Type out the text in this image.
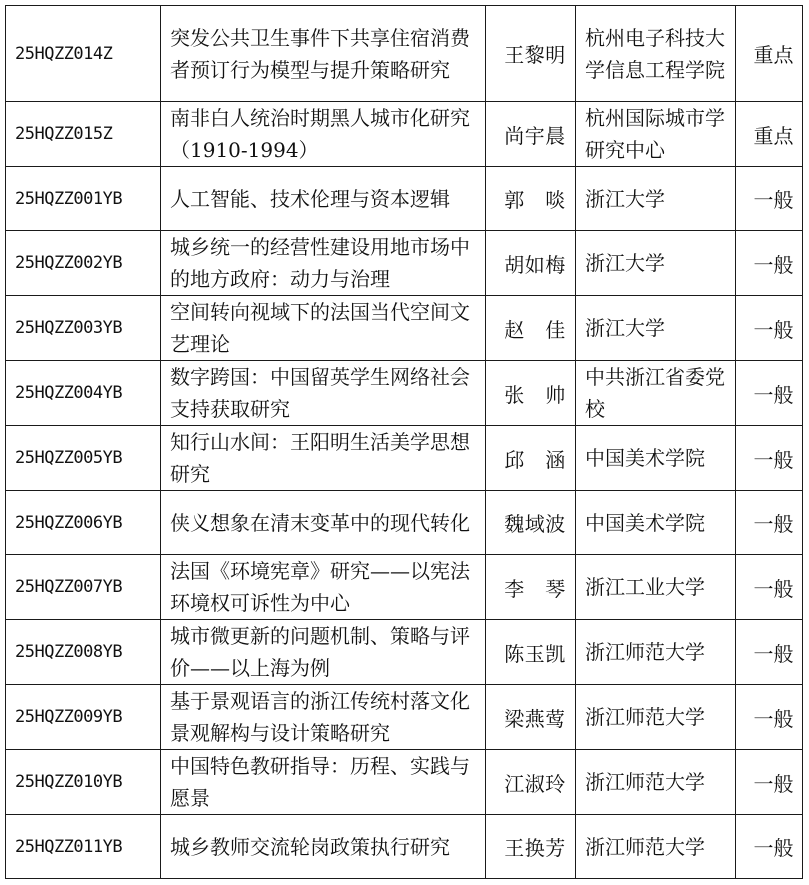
25HQZZ014Z	突发公共卫生事件下共享住宿消费者预订行为模型与提升策略研究	王黎明	杭州电子科技大学信息工程学院	重点
25HQZZ015Z	南非白人统治时期黑人城市化研究（1910-1994）	尚宇晨	杭州国际城市学研究中心	重点
25HQZZ001YB	人工智能、技术伦理与资本逻辑	郭　啖	浙江大学	一般
25HQZZ002YB	城乡统一的经营性建设用地市场中的地方政府：动力与治理	胡如梅	浙江大学	一般
25HQZZ003YB	空间转向视域下的法国当代空间文艺理论	赵　佳	浙江大学	一般
25HQZZ004YB	数字跨国：中国留英学生网络社会支持获取研究	张　帅	中共浙江省委党校	一般
25HQZZ005YB	知行山水间：王阳明生活美学思想研究	邱　涵	中国美术学院	一般
25HQZZ006YB	侠义想象在清末变革中的现代转化	魏域波	中国美术学院	一般
25HQZZ007YB	法国《环境宪章》研究——以宪法环境权可诉性为中心	李　琴	浙江工业大学	一般
25HQZZ008YB	城市微更新的问题机制、策略与评价——以上海为例	陈玉凯	浙江师范大学	一般
25HQZZ009YB	基于景观语言的浙江传统村落文化景观解构与设计策略研究	梁燕莺	浙江师范大学	一般
25HQZZ010YB	中国特色教研指导：历程、实践与愿景	江淑玲	浙江师范大学	一般
25HQZZ011YB	城乡教师交流轮岗政策执行研究	王换芳	浙江师范大学	一般
